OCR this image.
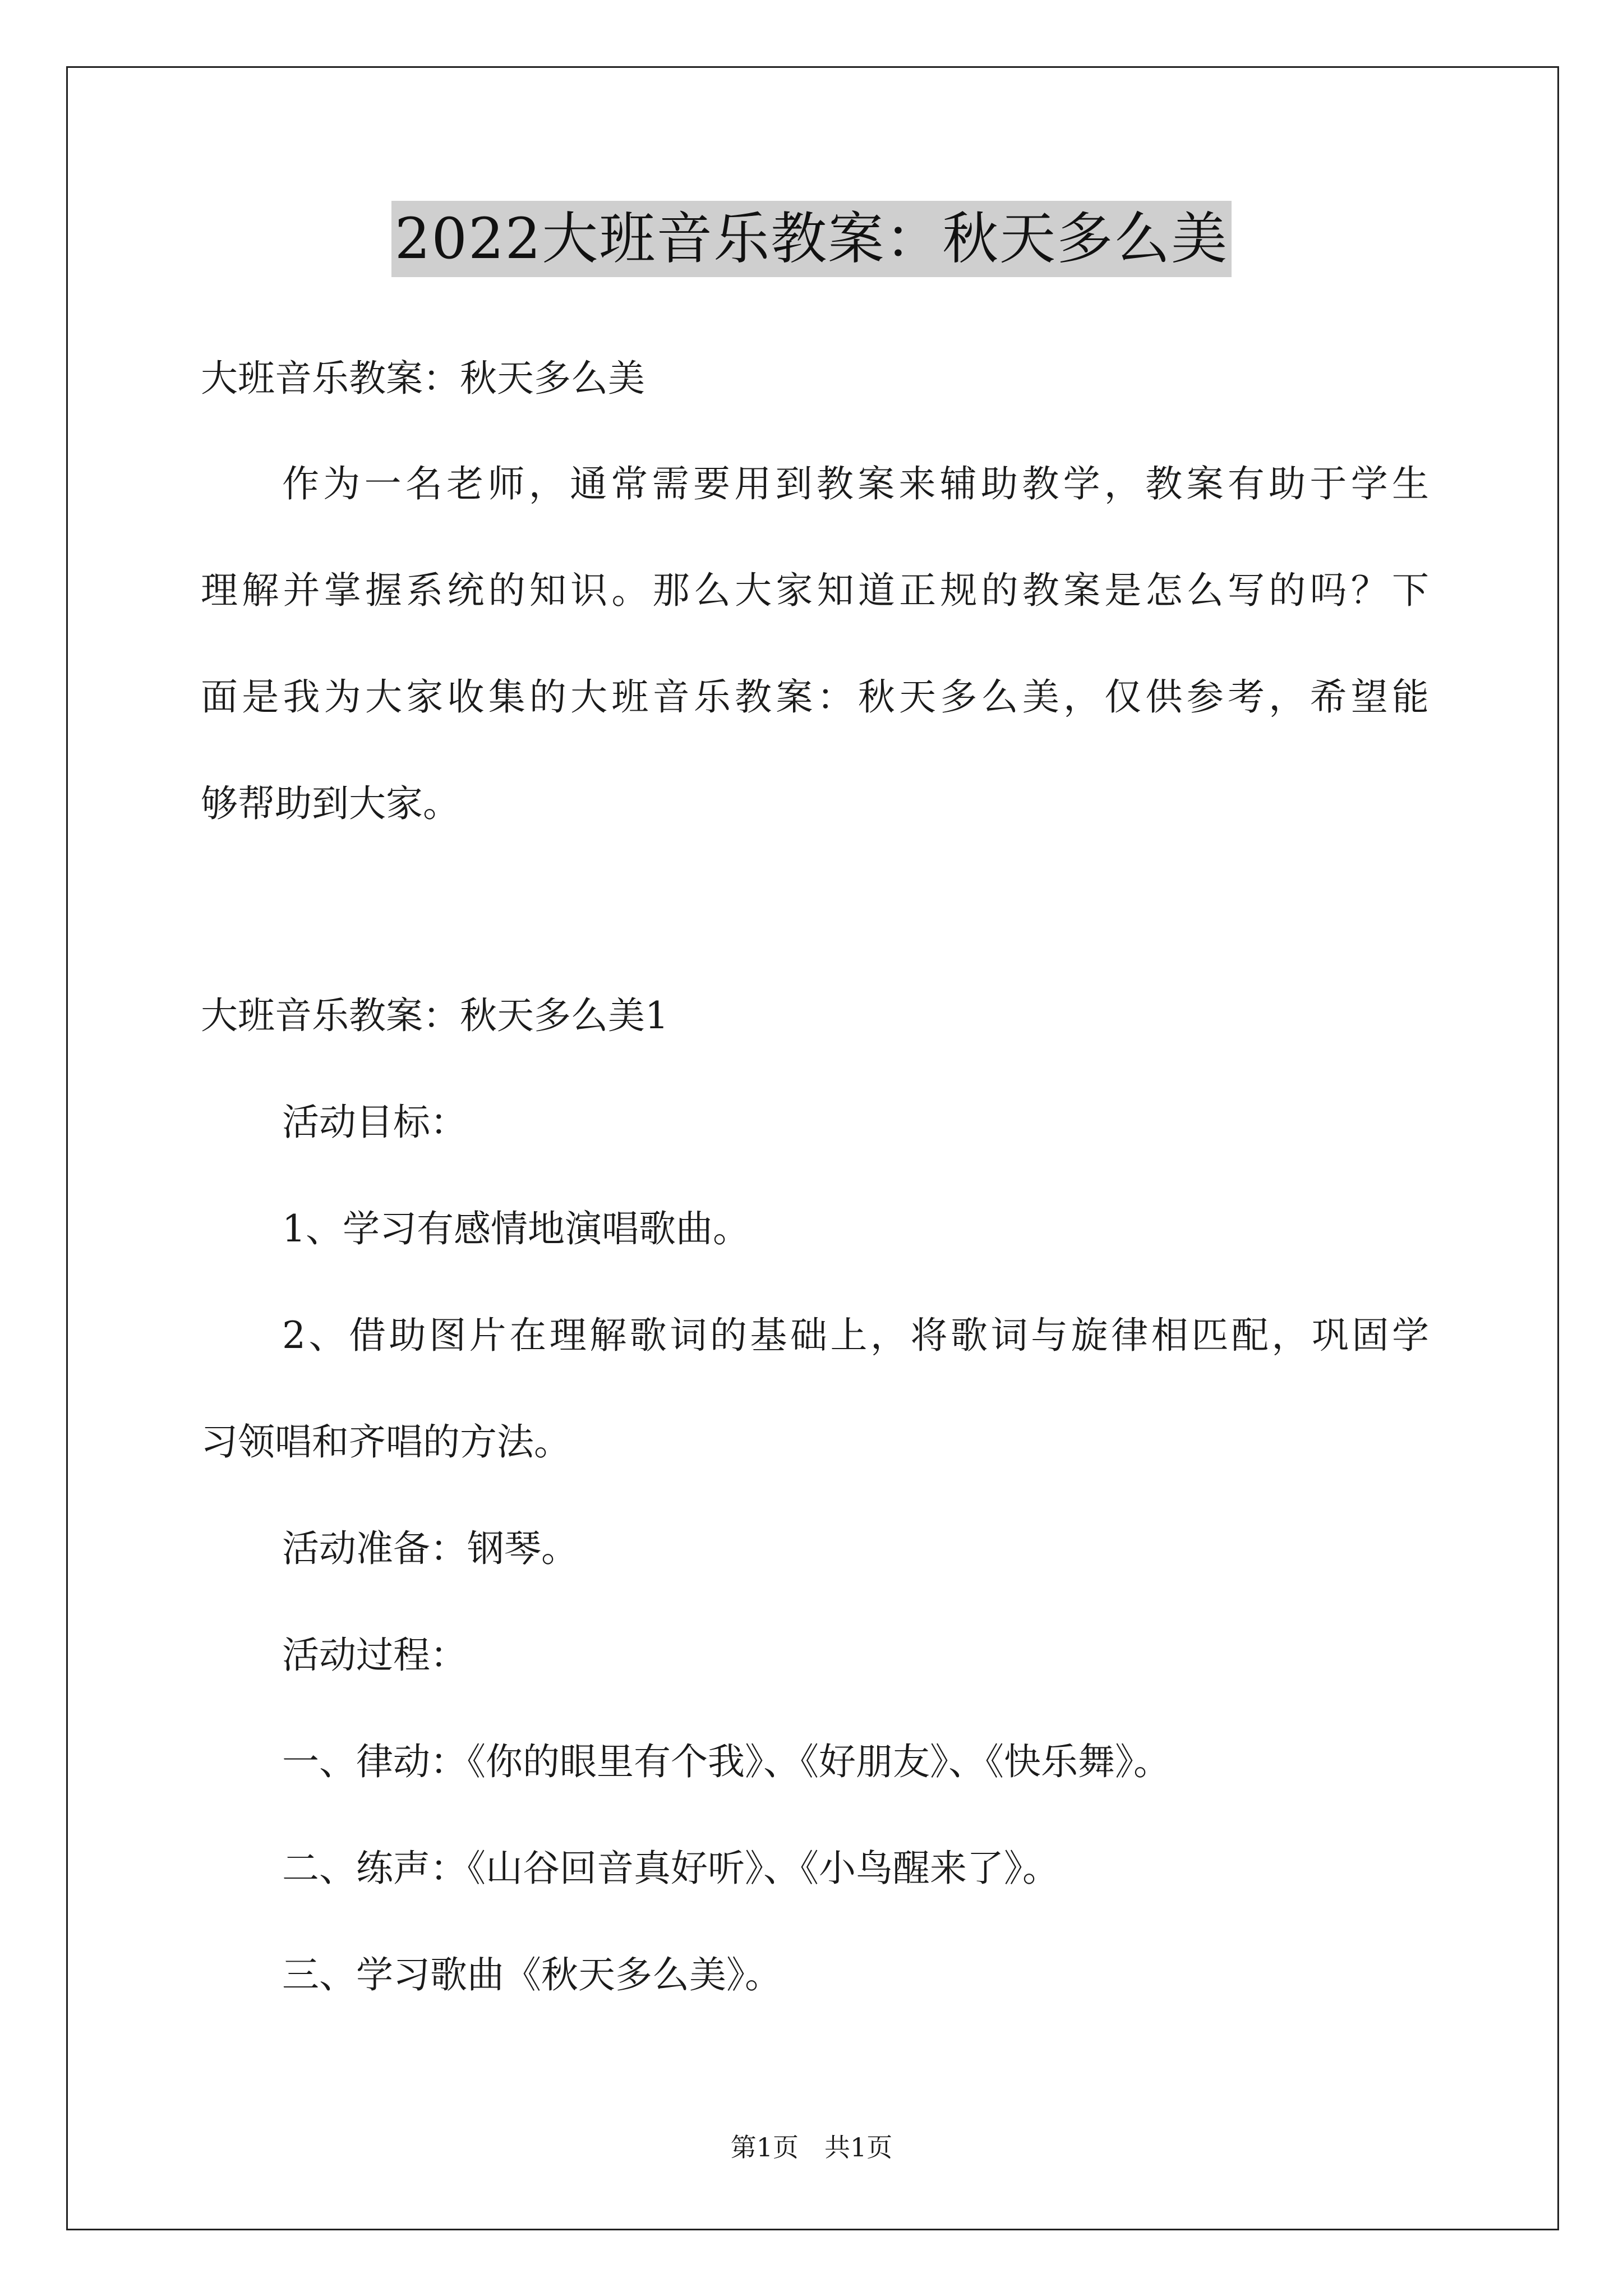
2022大班音乐教案：秋天多么美
大班音乐教案：秋天多么美
作为一名老师，通常需要用到教案来辅助教学，教案有助于学生
理解并掌握系统的知识。那么大家知道正规的教案是怎么写的吗？下
面是我为大家收集的大班音乐教案：秋天多么美，仅供参考，希望能
够帮助到大家。
大班音乐教案：秋天多么美1
活动目标：
1、学习有感情地演唱歌曲。
2、借助图片在理解歌词的基础上，将歌词与旋律相匹配，巩固学
习领唱和齐唱的方法。
活动准备：钢琴。
活动过程：
一、律动：《你的眼里有个我》、《好朋友》、《快乐舞》。
二、练声：《山谷回音真好听》、《小鸟醒来了》。
三、学习歌曲《秋天多么美》。
第1页　共1页
